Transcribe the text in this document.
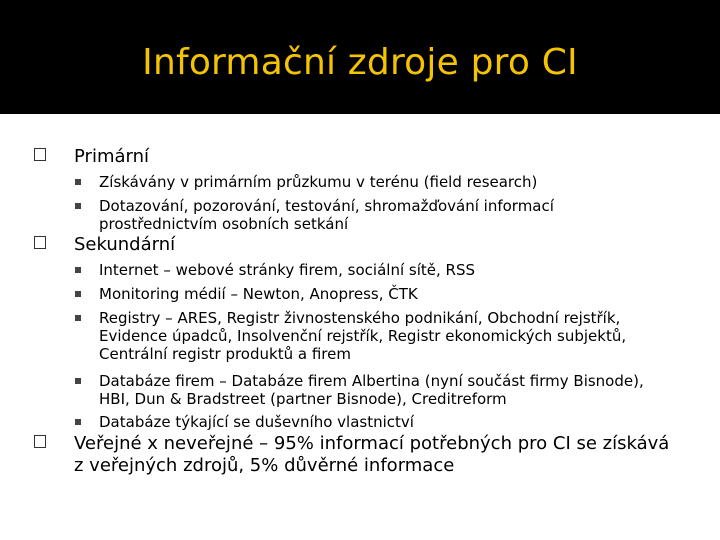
Informační zdroje pro CI
Primární
Získávány v primárním průzkumu v terénu (field research)
Dotazování, pozorování, testování, shromažďování informací prostřednictvím osobních setkání
Sekundární
Internet – webové stránky firem, sociální sítě, RSS
Monitoring médií – Newton, Anopress, ČTK
Registry – ARES, Registr živnostenského podnikání, Obchodní rejstřík, Evidence úpadců, Insolvenční rejstřík, Registr ekonomických subjektů, Centrální registr produktů a firem
Databáze firem – Databáze firem Albertina (nyní součást firmy Bisnode), HBI, Dun & Bradstreet (partner Bisnode), Creditreform
Databáze týkající se duševního vlastnictví
Veřejné x neveřejné – 95% informací potřebných pro CI se získává z veřejných zdrojů, 5% důvěrné informace
